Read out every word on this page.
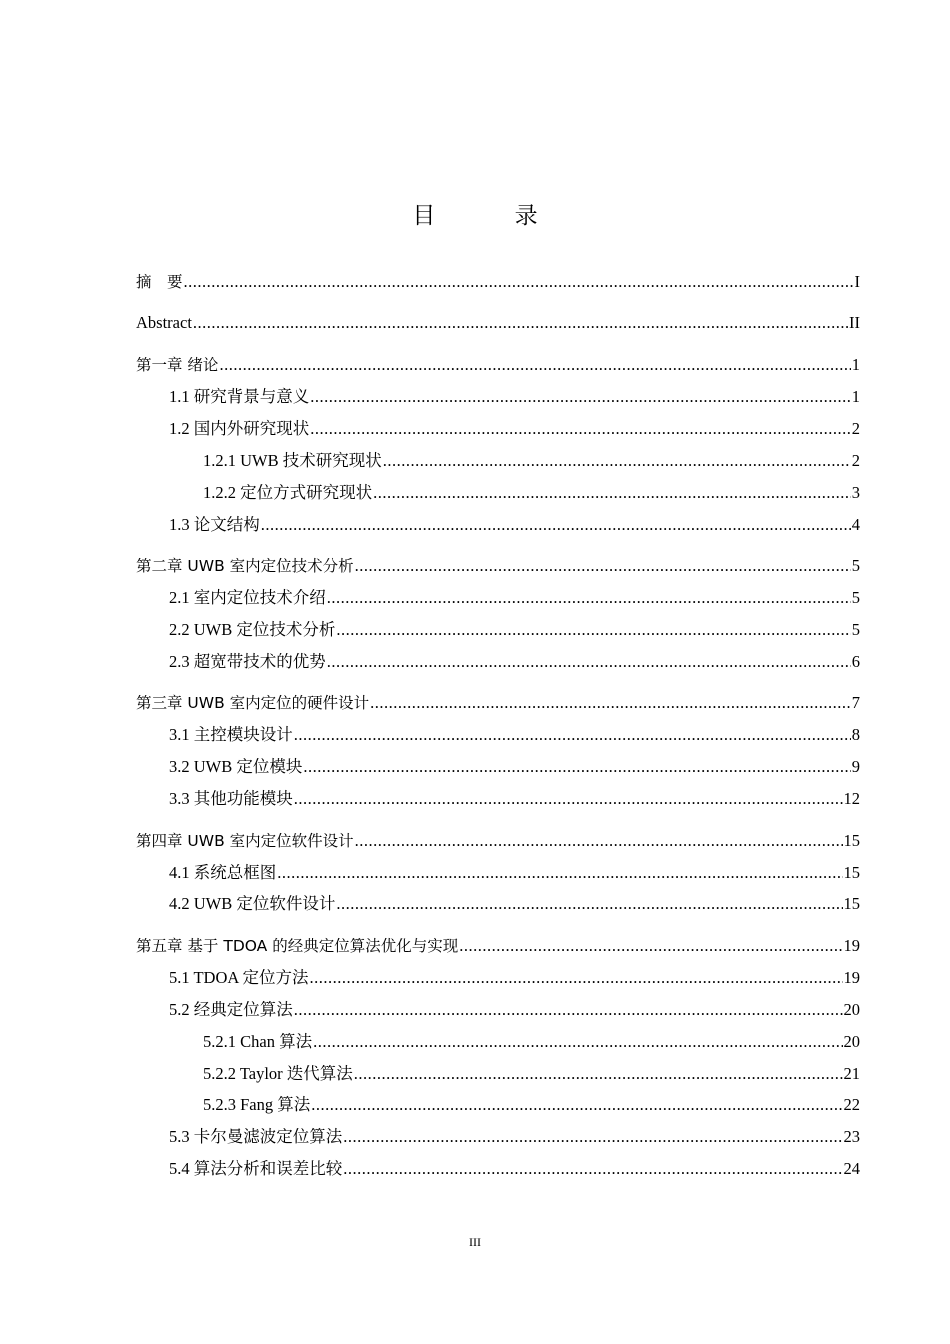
目 录
摘　要 .....	I
Abstract .....	II
第一章 绪论 .....	1
1.1 研究背景与意义 .....	1
1.2 国内外研究现状 .....	2
1.2.1 UWB 技术研究现状 .....	2
1.2.2 定位方式研究现状 .....	3
1.3 论文结构 .....	4
第二章 UWB 室内定位技术分析 .....	5
2.1 室内定位技术介绍 .....	5
2.2 UWB 定位技术分析 .....	5
2.3 超宽带技术的优势 .....	6
第三章 UWB 室内定位的硬件设计 .....	7
3.1 主控模块设计 .....	8
3.2 UWB 定位模块 .....	9
3.3 其他功能模块 .....	12
第四章 UWB 室内定位软件设计 .....	15
4.1 系统总框图 .....	15
4.2 UWB 定位软件设计 .....	15
第五章 基于 TDOA 的经典定位算法优化与实现 .....	19
5.1 TDOA 定位方法 .....	19
5.2 经典定位算法 .....	20
5.2.1 Chan 算法 .....	20
5.2.2 Taylor 迭代算法 .....	21
5.2.3 Fang 算法 .....	22
5.3 卡尔曼滤波定位算法 .....	23
5.4 算法分析和误差比较 .....	24
III
